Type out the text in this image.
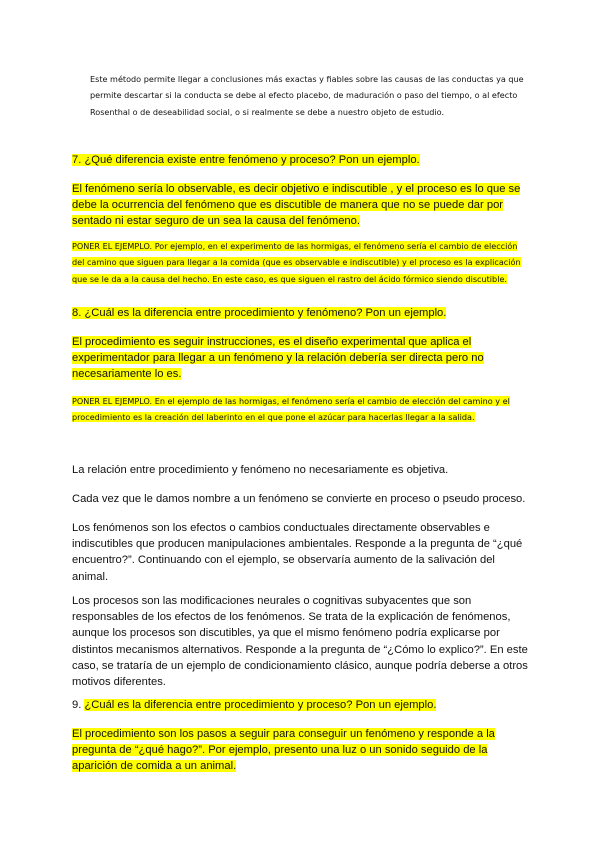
Este método permite llegar a conclusiones más exactas y fiables sobre las causas de las conductas ya que permite descartar si la conducta se debe al efecto placebo, de maduración o paso del tiempo, o al efecto Rosenthal o de deseabilidad social, o si realmente se debe a nuestro objeto de estudio.

7. ¿Qué diferencia existe entre fenómeno y proceso? Pon un ejemplo.

El fenómeno sería lo observable, es decir objetivo e indiscutible , y el proceso es lo que se debe la ocurrencia del fenómeno que es discutible de manera que no se puede dar por sentado ni estar seguro de un sea la causa del fenómeno.

PONER EL EJEMPLO. Por ejemplo, en el experimento de las hormigas, el fenómeno sería el cambio de elección del camino que siguen para llegar a la comida (que es observable e indiscutible) y el proceso es la explicación que se le da a la causa del hecho. En este caso, es que siguen el rastro del ácido fórmico siendo discutible.

8. ¿Cuál es la diferencia entre procedimiento y fenómeno? Pon un ejemplo.

El procedimiento es seguir instrucciones, es el diseño experimental que aplica el experimentador para llegar a un fenómeno y la relación debería ser directa pero no necesariamente lo es.

PONER EL EJEMPLO. En el ejemplo de las hormigas, el fenómeno sería el cambio de elección del camino y el procedimiento es la creación del laberinto en el que pone el azúcar para hacerlas llegar a la salida.

La relación entre procedimiento y fenómeno no necesariamente es objetiva.

Cada vez que le damos nombre a un fenómeno se convierte en proceso o pseudo proceso.

Los fenómenos son los efectos o cambios conductuales directamente observables e indiscutibles que producen manipulaciones ambientales. Responde a la pregunta de “¿qué encuentro?”. Continuando con el ejemplo, se observaría aumento de la salivación del animal.

Los procesos son las modificaciones neurales o cognitivas subyacentes que son responsables de los efectos de los fenómenos. Se trata de la explicación de fenómenos, aunque los procesos son discutibles, ya que el mismo fenómeno podría explicarse por distintos mecanismos alternativos. Responde a la pregunta de “¿Cómo lo explico?”. En este caso, se trataría de un ejemplo de condicionamiento clásico, aunque podría deberse a otros motivos diferentes.

9. ¿Cuál es la diferencia entre procedimiento y proceso? Pon un ejemplo.

El procedimiento son los pasos a seguir para conseguir un fenómeno y responde a la pregunta de “¿qué hago?”. Por ejemplo, presento una luz o un sonido seguido de la aparición de comida a un animal.
